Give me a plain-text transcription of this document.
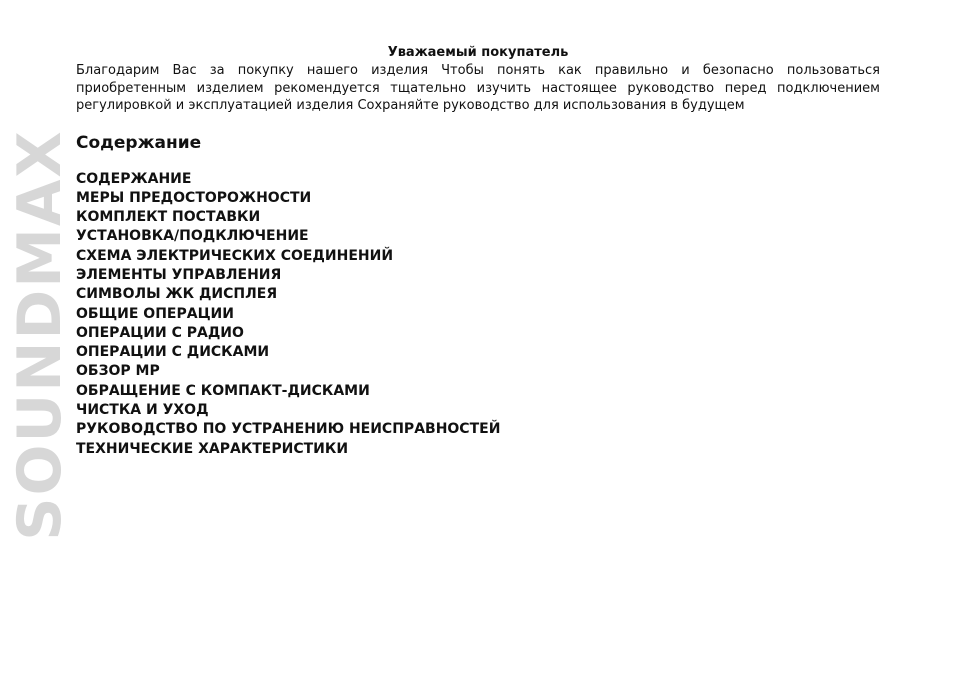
SOUNDMAX

Уважаемый покупатель

Благодарим Вас за покупку нашего изделия Чтобы понять как правильно и безопасно пользоваться приобретенным изделием рекомендуется тщательно изучить настоящее руководство перед подключением регулировкой и эксплуатацией изделия Сохраняйте руководство для использования в будущем

Содержание
СОДЕРЖАНИЕ
МЕРЫ ПРЕДОСТОРОЖНОСТИ
КОМПЛЕКТ ПОСТАВКИ
УСТАНОВКА/ПОДКЛЮЧЕНИЕ
СХЕМА ЭЛЕКТРИЧЕСКИХ СОЕДИНЕНИЙ
ЭЛЕМЕНТЫ УПРАВЛЕНИЯ
СИМВОЛЫ ЖК ДИСПЛЕЯ
ОБЩИЕ ОПЕРАЦИИ
ОПЕРАЦИИ С РАДИО
ОПЕРАЦИИ С ДИСКАМИ
ОБЗОР MP
ОБРАЩЕНИЕ С КОМПАКТ-ДИСКАМИ
ЧИСТКА И УХОД
РУКОВОДСТВО ПО УСТРАНЕНИЮ НЕИСПРАВНОСТЕЙ
ТЕХНИЧЕСКИЕ ХАРАКТЕРИСТИКИ
